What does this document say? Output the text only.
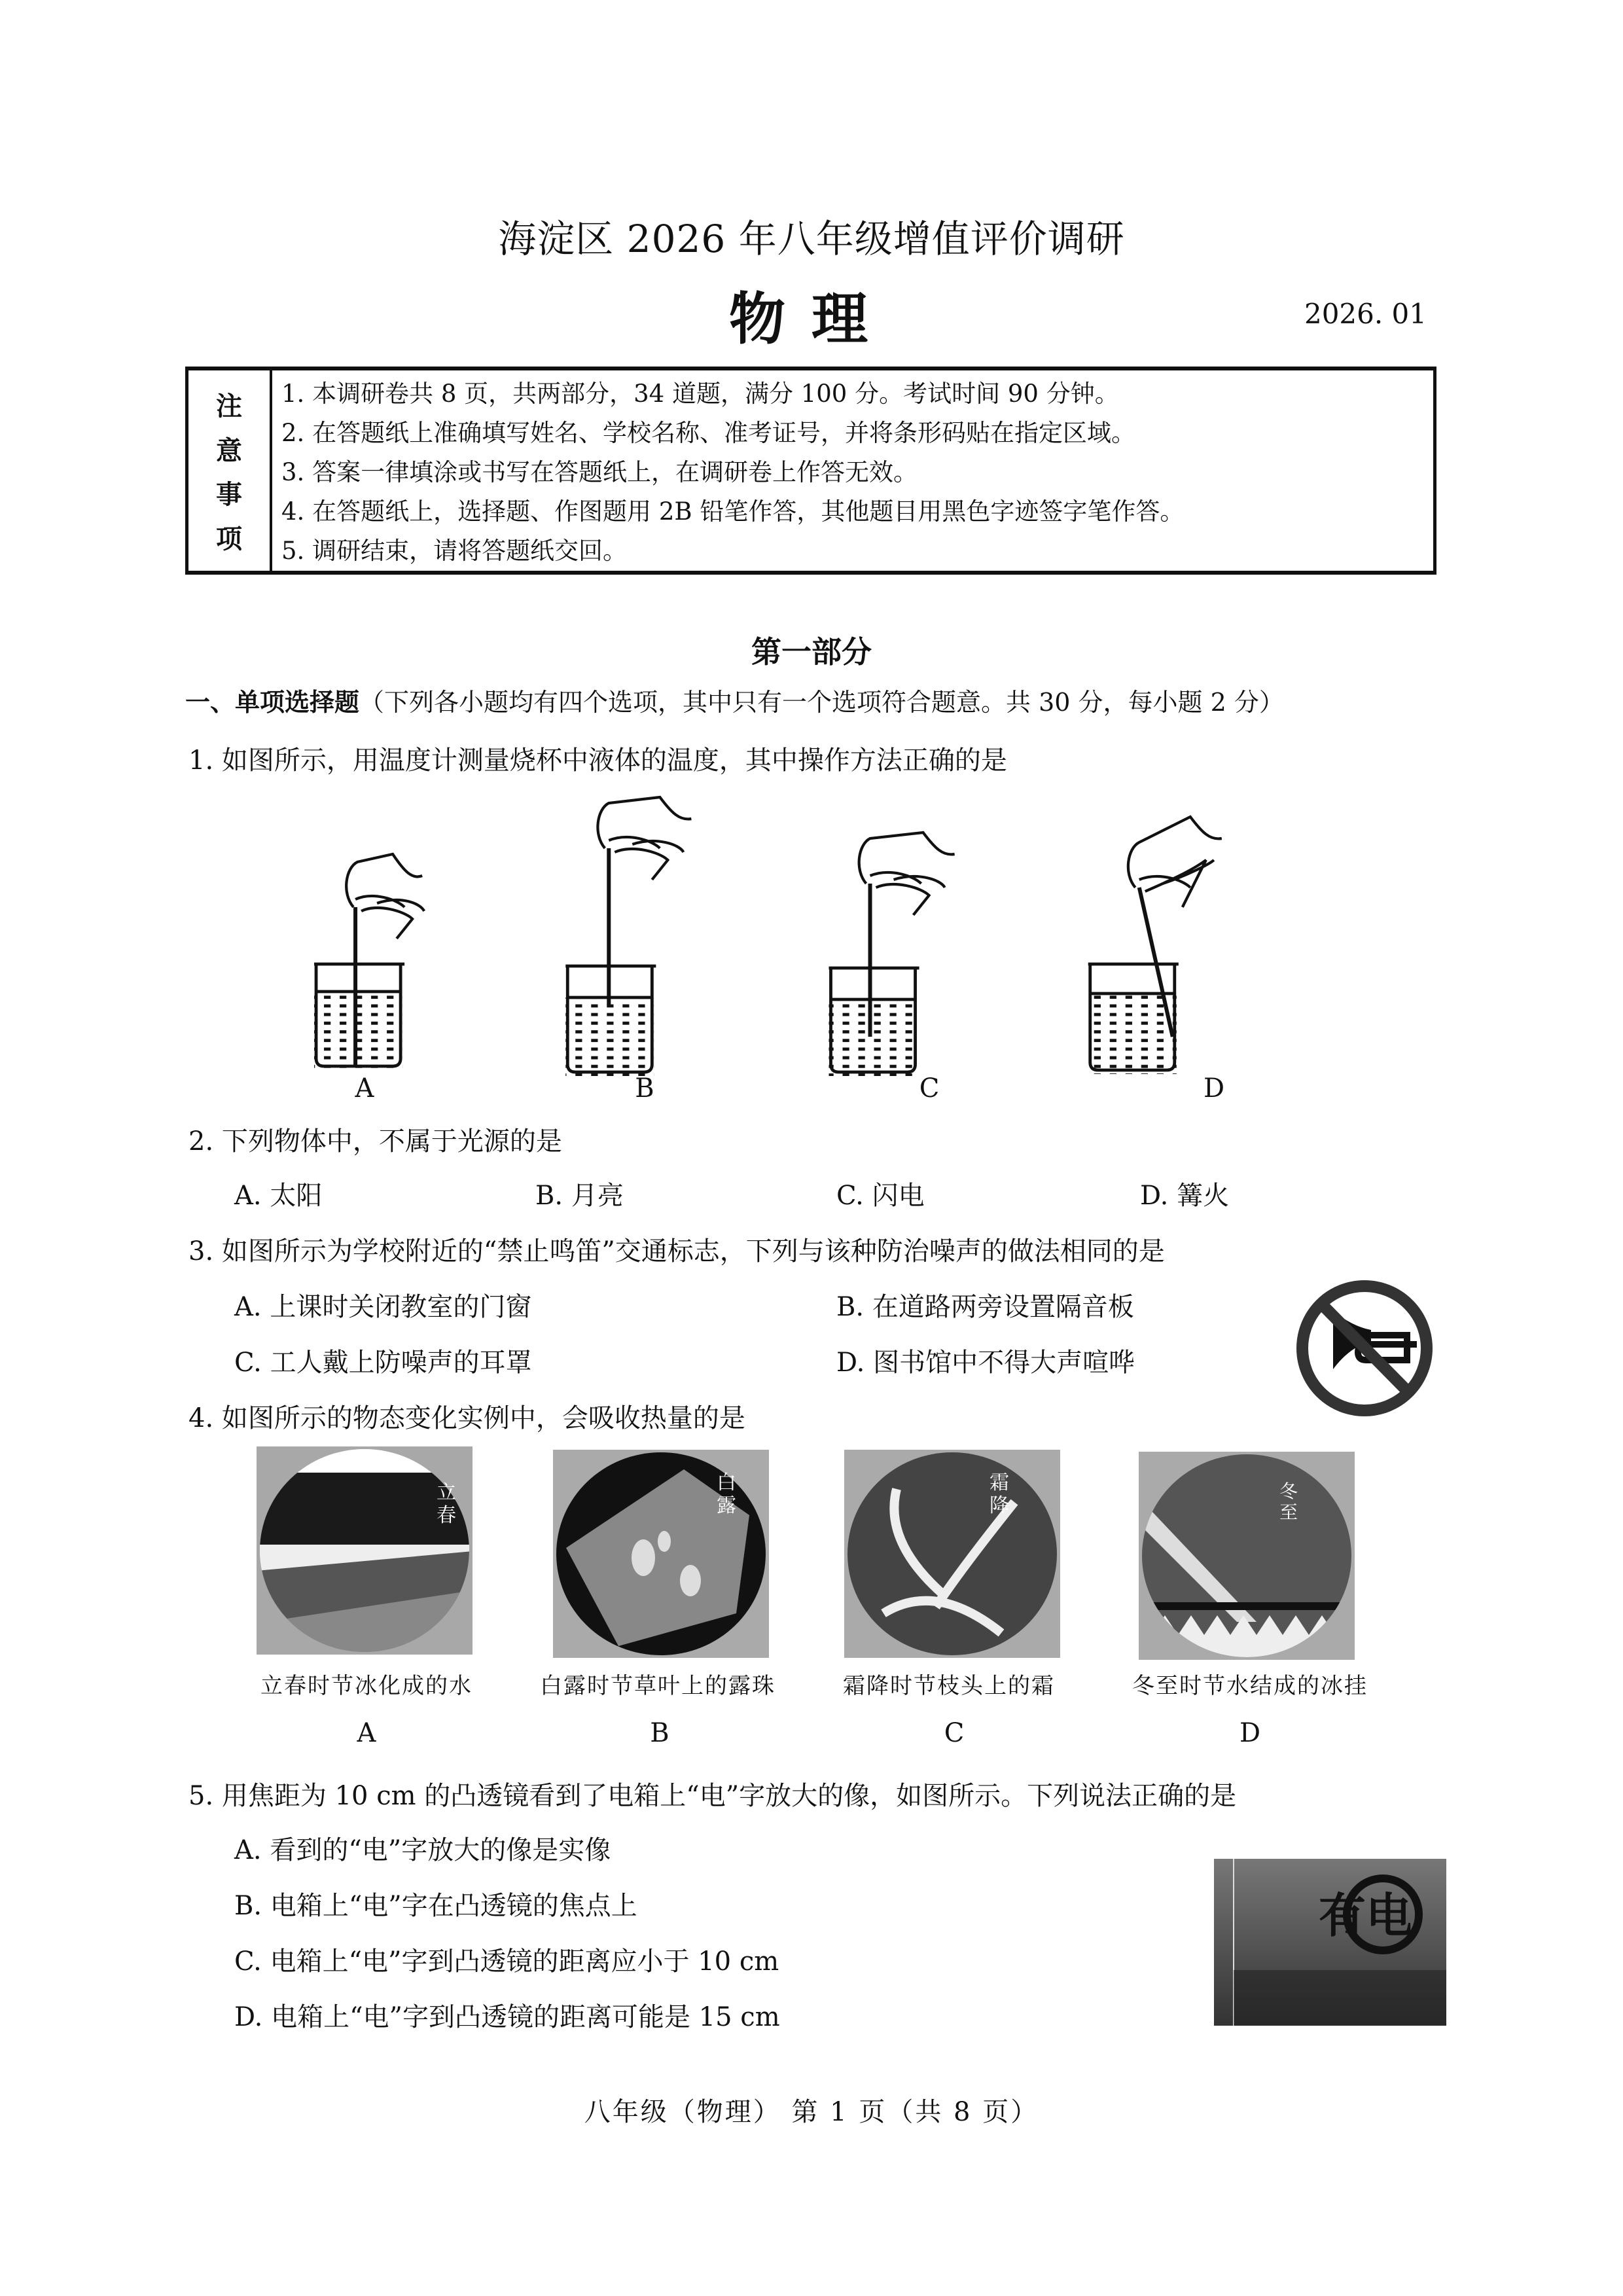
海淀区 2026 年八年级增值评价调研
物理	2026. 01
注
意
事
项
1. 本调研卷共 8 页，共两部分，34 道题，满分 100 分。考试时间 90 分钟。
2. 在答题纸上准确填写姓名、学校名称、准考证号，并将条形码贴在指定区域。
3. 答案一律填涂或书写在答题纸上，在调研卷上作答无效。
4. 在答题纸上，选择题、作图题用 2B 铅笔作答，其他题目用黑色字迹签字笔作答。
5. 调研结束，请将答题纸交回。
第一部分
一、单项选择题（下列各小题均有四个选项，其中只有一个选项符合题意。共 30 分，每小题 2 分）
1. 如图所示，用温度计测量烧杯中液体的温度，其中操作方法正确的是
A	B	C	D
2. 下列物体中，不属于光源的是
A. 太阳	B. 月亮	C. 闪电	D. 篝火
3. 如图所示为学校附近的“禁止鸣笛”交通标志，下列与该种防治噪声的做法相同的是
A. 上课时关闭教室的门窗	B. 在道路两旁设置隔音板
C. 工人戴上防噪声的耳罩	D. 图书馆中不得大声喧哗
4. 如图所示的物态变化实例中，会吸收热量的是
立
春
白
露
霜
降
冬
至
立春时节冰化成的水	白露时节草叶上的露珠	霜降时节枝头上的霜	冬至时节水结成的冰挂
A	B	C	D
5. 用焦距为 10 cm 的凸透镜看到了电箱上“电”字放大的像，如图所示。下列说法正确的是
A. 看到的“电”字放大的像是实像
B. 电箱上“电”字在凸透镜的焦点上
C. 电箱上“电”字到凸透镜的距离应小于 10 cm
D. 电箱上“电”字到凸透镜的距离可能是 15 cm
有电
八年级（物理） 第 1 页（共 8 页）
